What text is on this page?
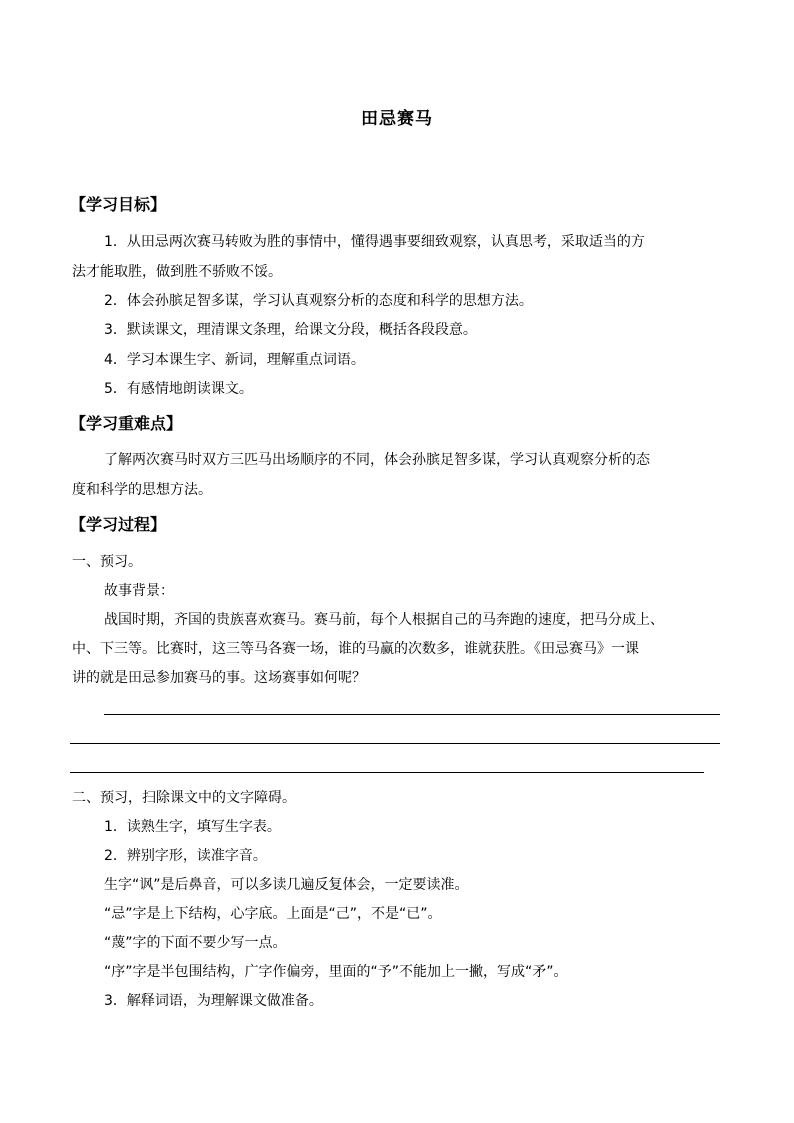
田忌赛马
【学习目标】
1．从田忌两次赛马转败为胜的事情中，懂得遇事要细致观察，认真思考，采取适当的方
法才能取胜，做到胜不骄败不馁。
2．体会孙膑足智多谋，学习认真观察分析的态度和科学的思想方法。
3．默读课文，理清课文条理，给课文分段，概括各段段意。
4．学习本课生字、新词，理解重点词语。
5．有感情地朗读课文。
【学习重难点】
了解两次赛马时双方三匹马出场顺序的不同，体会孙膑足智多谋，学习认真观察分析的态
度和科学的思想方法。
【学习过程】
一、预习。
故事背景：
战国时期，齐国的贵族喜欢赛马。赛马前，每个人根据自己的马奔跑的速度，把马分成上、
中、下三等。比赛时，这三等马各赛一场，谁的马赢的次数多，谁就获胜。《田忌赛马》一课
讲的就是田忌参加赛马的事。这场赛事如何呢？
二、预习，扫除课文中的文字障碍。
1．读熟生字，填写生字表。
2．辨别字形，读准字音。
生字“讽”是后鼻音，可以多读几遍反复体会，一定要读准。
“忌”字是上下结构，心字底。上面是“己”，不是“已”。
“蔑”字的下面不要少写一点。
“序”字是半包围结构，广字作偏旁，里面的“予”不能加上一撇，写成“矛”。
3．解释词语，为理解课文做准备。
